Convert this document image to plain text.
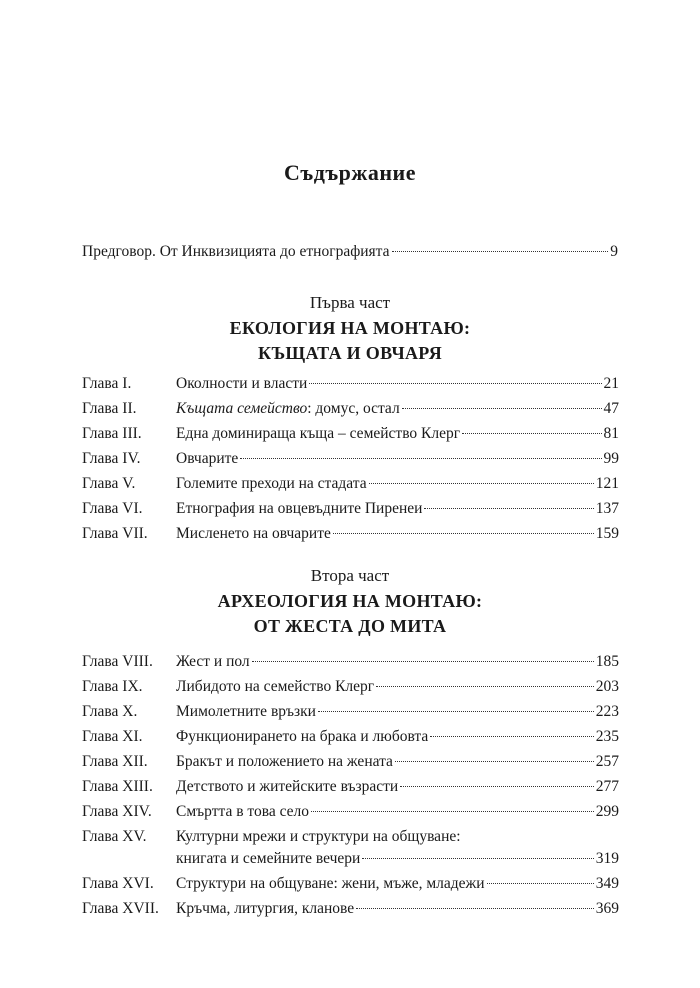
Съдържание
Предговор. От Инквизицията до етнографията	9
Първа част
ЕКОЛОГИЯ НА МОНТАЮ:
КЪЩАТА И ОВЧАРЯ
Глава I.	Околности и власти	21
Глава II.	Къщата семейство: домус, остал	47
Глава III.	Една доминираща къща – семейство Клерг	81
Глава IV.	Овчарите	99
Глава V.	Големите преходи на стадата	121
Глава VI.	Етнография на овцевъдните Пиренеи	137
Глава VII.	Мисленето на овчарите	159
Втора част
АРХЕОЛОГИЯ НА МОНТАЮ:
ОТ ЖЕСТА ДО МИТА
Глава VIII.	Жест и пол	185
Глава IX.	Либидото на семейство Клерг	203
Глава X.	Мимолетните връзки	223
Глава XI.	Функционирането на брака и любовта	235
Глава XII.	Бракът и положението на жената	257
Глава XIII.	Детството и житейските възрасти	277
Глава XIV.	Смъртта в това село	299
Глава XV.	Културни мрежи и структури на общуване:
книгата и семейните вечери	319
Глава XVI.	Структури на общуване: жени, мъже, младежи	349
Глава XVII.	Кръчма, литургия, кланове	369
